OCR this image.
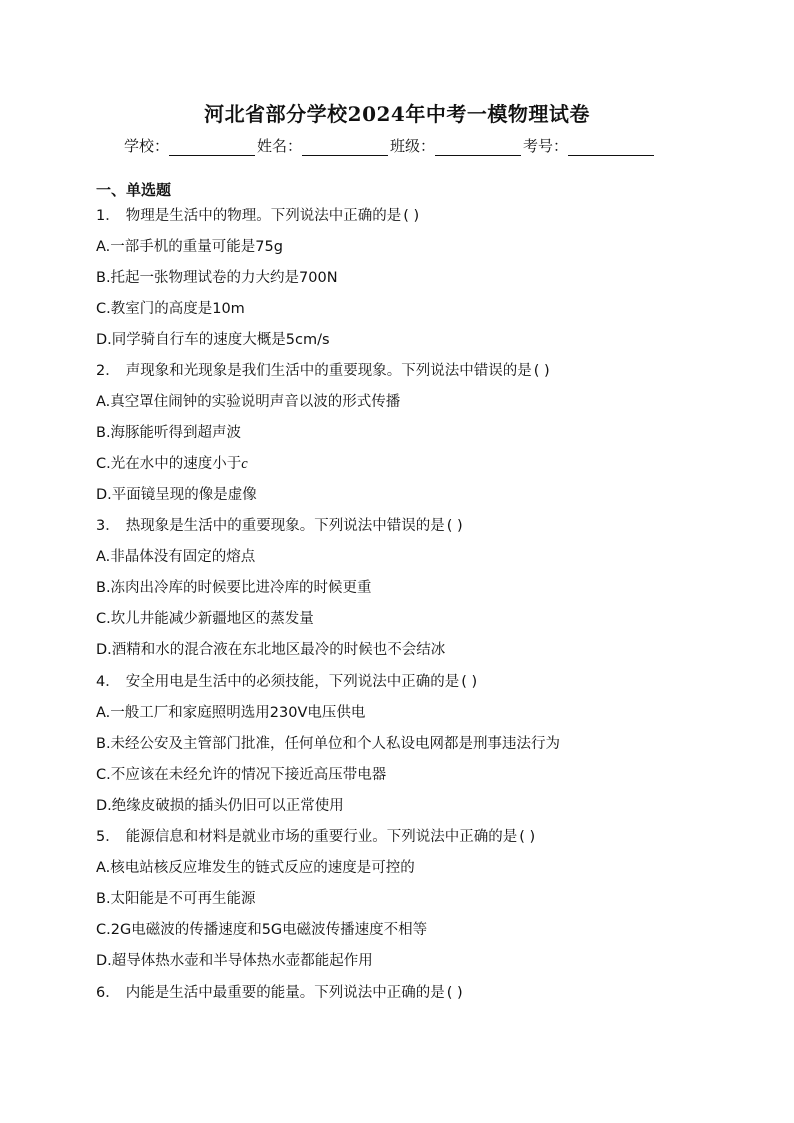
河北省部分学校2024年中考一模物理试卷
学校：	姓名：	班级：	考号：
一、单选题
1． 物理是生活中的物理。下列说法中正确的是 ( )
A.一部手机的重量可能是75g
B.托起一张物理试卷的力大约是700N
C.教室门的高度是10m
D.同学骑自行车的速度大概是5cm/s
2． 声现象和光现象是我们生活中的重要现象。下列说法中错误的是 ( )
A.真空罩住闹钟的实验说明声音以波的形式传播
B.海豚能听得到超声波
C.光在水中的速度小于c
D.平面镜呈现的像是虚像
3． 热现象是生活中的重要现象。下列说法中错误的是 ( )
A.非晶体没有固定的熔点
B.冻肉出冷库的时候要比进冷库的时候更重
C.坎儿井能减少新疆地区的蒸发量
D.酒精和水的混合液在东北地区最冷的时候也不会结冰
4． 安全用电是生活中的必须技能，下列说法中正确的是 ( )
A.一般工厂和家庭照明选用230V电压供电
B.未经公安及主管部门批准，任何单位和个人私设电网都是刑事违法行为
C.不应该在未经允许的情况下接近高压带电器
D.绝缘皮破损的插头仍旧可以正常使用
5． 能源信息和材料是就业市场的重要行业。下列说法中正确的是 ( )
A.核电站核反应堆发生的链式反应的速度是可控的
B.太阳能是不可再生能源
C.2G电磁波的传播速度和5G电磁波传播速度不相等
D.超导体热水壶和半导体热水壶都能起作用
6． 内能是生活中最重要的能量。下列说法中正确的是 ( )
